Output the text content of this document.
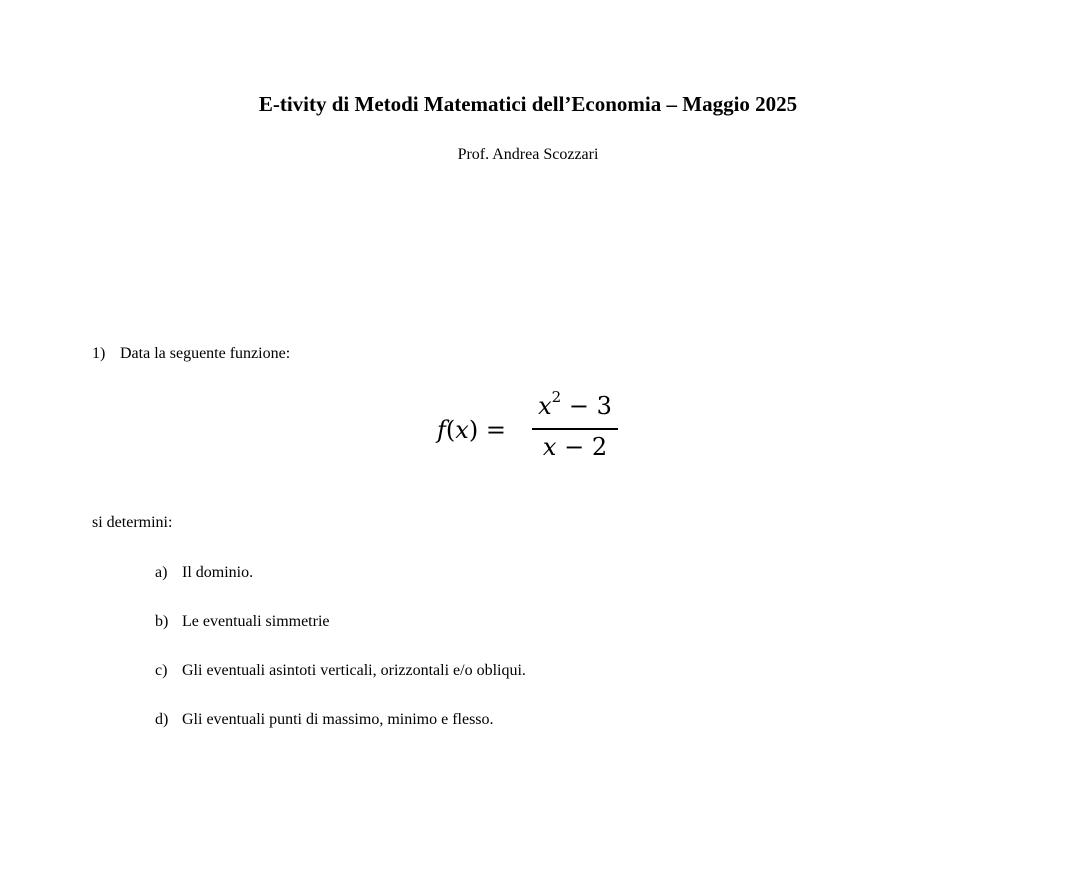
E-tivity di Metodi Matematici dell’Economia – Maggio 2025
Prof. Andrea Scozzari
1) Data la seguente funzione:
f(x) =
$x^2 - 3$
x − 2
si determini:
a) Il dominio.
b) Le eventuali simmetrie
c) Gli eventuali asintoti verticali, orizzontali e/o obliqui.
d) Gli eventuali punti di massimo, minimo e flesso.
